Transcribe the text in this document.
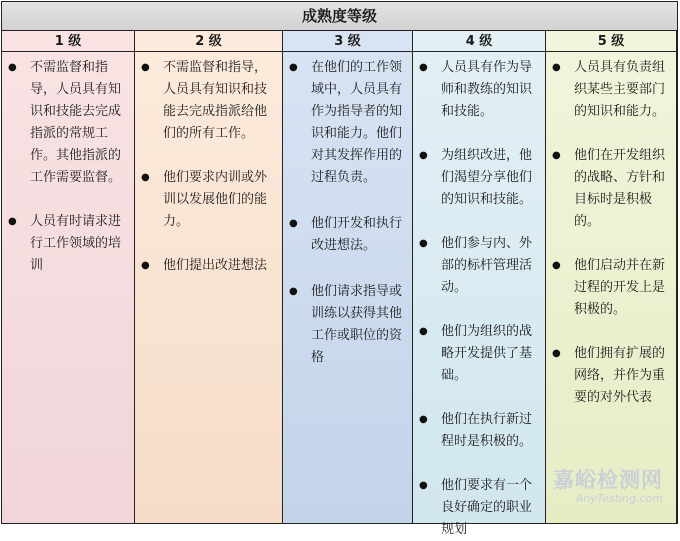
成熟度等级
1 级
● 不需监督和指导，人员具有知识和技能去完成指派的常规工作。其他指派的工作需要监督。
● 人员有时请求进行工作领域的培训
2 级
● 不需监督和指导，人员具有知识和技能去完成指派给他们的所有工作。
● 他们要求内训或外训以发展他们的能力。
● 他们提出改进想法
3 级
● 在他们的工作领域中，人员具有作为指导者的知识和能力。他们对其发挥作用的过程负责。
● 他们开发和执行改进想法。
● 他们请求指导或训练以获得其他工作或职位的资格
4 级
● 人员具有作为导师和教练的知识和技能。
● 为组织改进，他们渴望分享他们的知识和技能。
● 他们参与内、外部的标杆管理活动。
● 他们为组织的战略开发提供了基础。
● 他们在执行新过程时是积极的。
● 他们要求有一个良好确定的职业规划
5 级
● 人员具有负责组织某些主要部门的知识和能力。
● 他们在开发组织的战略、方针和目标时是积极的。
● 他们启动并在新过程的开发上是积极的。
● 他们拥有扩展的网络，并作为重要的对外代表
嘉峪检测网
AnyTesting.com
